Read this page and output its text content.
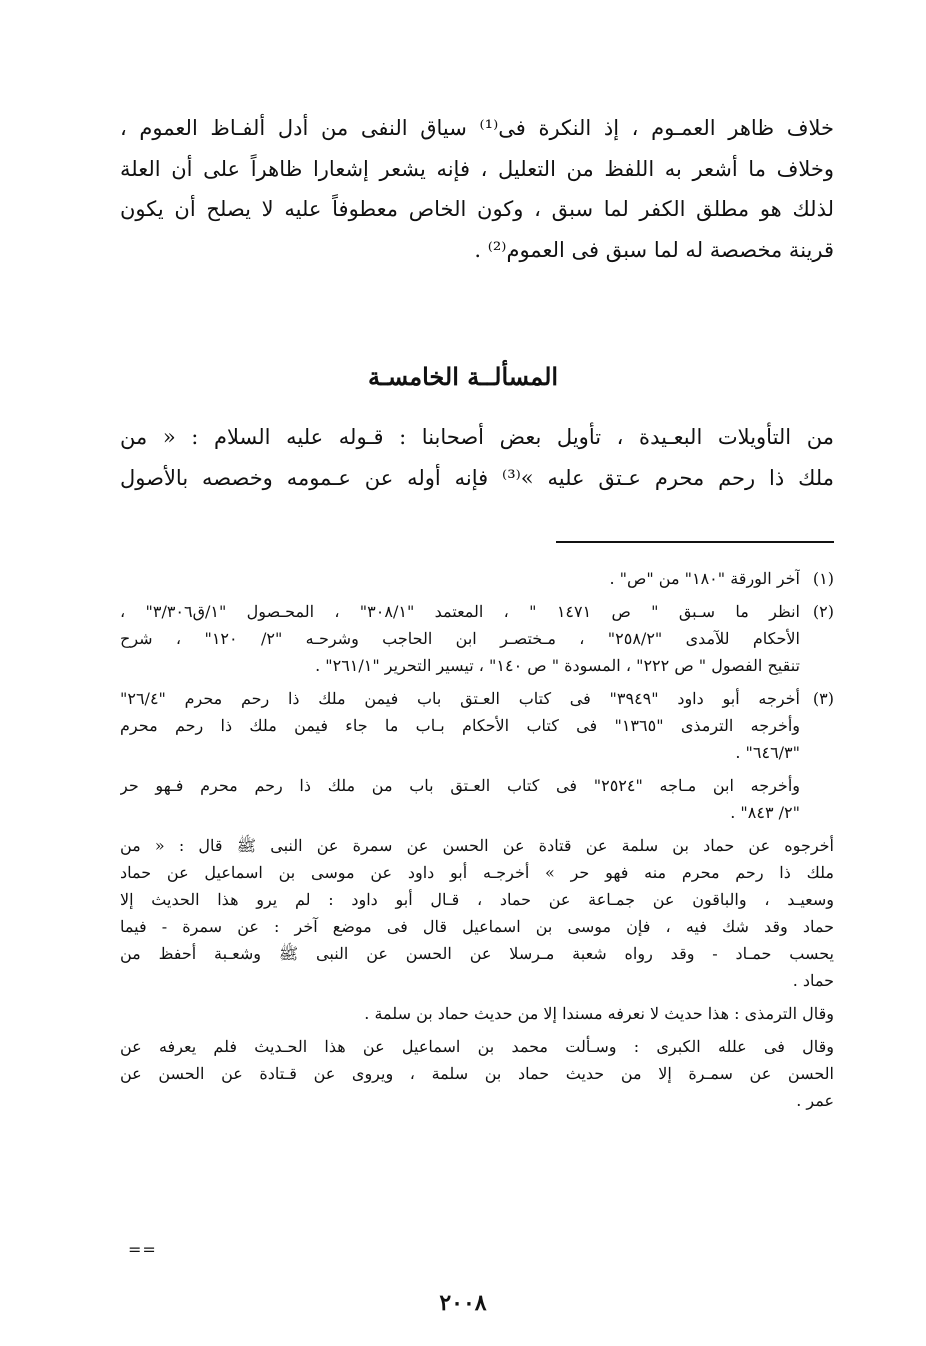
خلاف ظاهر العمـوم ، إذ النكرة فى⁽¹⁾ سياق النفى من أدل ألفـاظ العموم ،
وخلاف ما أشعر به اللفظ من التعليل ، فإنه يشعر إشعارا ظاهراً على أن العلة
لذلك هو مطلق الكفر لما سبق ، وكون الخاص معطوفاً عليه لا يصلح أن يكون
قرينة مخصصة له لما سبق فى العموم⁽²⁾ .
المسألــة الخامسـة
من التأويلات البعـيدة ، تأويل بعض أصحابنا : قـوله عليه السلام : « من
ملك ذا رحم محرم عـتق عليه »⁽³⁾ فإنه أوله عن عـمومه وخصصه بالأصول
(١)
آخر الورقة "١٨٠" من "ص" .
(٢)
انظر ما سـبق " ص ١٤٧١ " ، المعتمد "٣٠٨/١" ، المحـصول "١/ق٣/٣٠٦" ،
الأحكام للآمدى "٢٥٨/٢" ، مـختصـر ابن الحاجب وشرحـه "٢/ ١٢٠" ، شرح
تنقيح الفصول " ص ٢٢٢" ، المسودة " ص ١٤٠" ، تيسير التحرير "٢٦١/١" .
(٣)
أخرجه أبو داود "٣٩٤٩" فى كتاب العـتق باب فيمن ملك ذا رحم محرم "٢٦/٤"
وأخرجه الترمذى "١٣٦٥" فى كتاب الأحكام بـاب ما جاء فيمن ملك ذا رحم محرم
"٦٤٦/٣" .
وأخرجه ابن مـاجه "٢٥٢٤" فى كتاب العـتق باب من ملك ذا رحم محرم فـهو حر
"٢/ ٨٤٣" .
أخرجوه عن حماد بن سلمة عن قتادة عن الحسن عن سمرة عن النبى ﷺ قال : « من
ملك ذا رحم محرم منه فهو حر » أخرجـه أبو داود عن موسى بن اسماعيل عن حماد
وسعيـد ، والباقون عن جمـاعة عن حماد ، قـال أبو داود : لم يرو هذا الحديث إلا
حماد وقد شك فيه ، فإن موسى بن اسماعيل قال فى موضع آخر : عن سمرة - فيما
يحسب حمـاد - وقد رواه شعبة مـرسلا عن الحسن عن النبى ﷺ وشعـبة أحفظ من
حماد .
وقال الترمذى : هذا حديث لا نعرفه مسندا إلا من حديث حماد بن سلمة .
وقال فى علله الكبرى : وسـألت محمد بن اسماعيل عن هذا الحـديث فلم يعرفه عن
الحسن عن سمـرة إلا من حديث حماد بن سلمة ، ويروى عن قـتادة عن الحسن عن
عمر .
==
٢٠٠٨
